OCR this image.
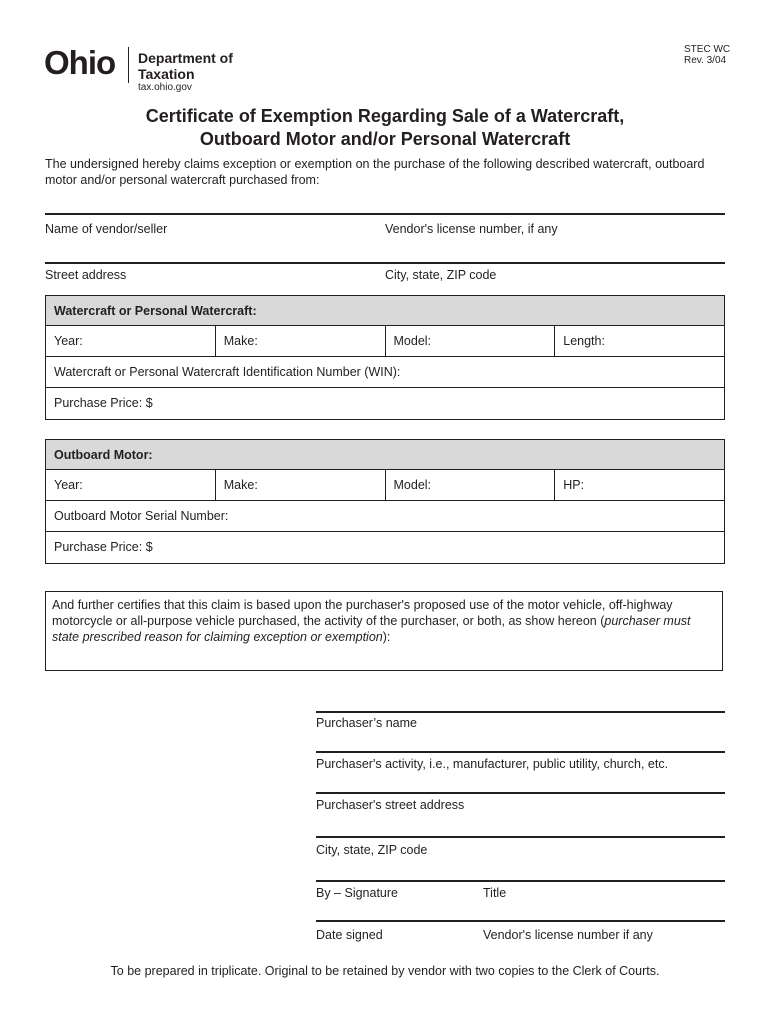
Ohio Department of
Taxation
tax.ohio.gov
STEC WC
Rev. 3/04
Certificate of Exemption Regarding Sale of a Watercraft,
Outboard Motor and/or Personal Watercraft
The undersigned hereby claims exception or exemption on the purchase of the following described watercraft, outboard motor and/or personal watercraft purchased from:
Name of vendor/seller	Vendor's license number, if any
Street address	City, state, ZIP code
Watercraft or Personal Watercraft:
Year:	Make:	Model:	Length:
Watercraft or Personal Watercraft Identification Number (WIN):
Purchase Price: $
Outboard Motor:
Year:	Make:	Model:	HP:
Outboard Motor Serial Number:
Purchase Price: $
And further certifies that this claim is based upon the purchaser's proposed use of the motor vehicle, off-highway motorcycle or all-purpose vehicle purchased, the activity of the purchaser, or both, as show hereon (purchaser must state prescribed reason for claiming exception or exemption):
Purchaser’s name
Purchaser's activity, i.e., manufacturer, public utility, church, etc.
Purchaser's street address
City, state, ZIP code
By – Signature	Title
Date signed	Vendor's license number if any
To be prepared in triplicate. Original to be retained by vendor with two copies to the Clerk of Courts.
